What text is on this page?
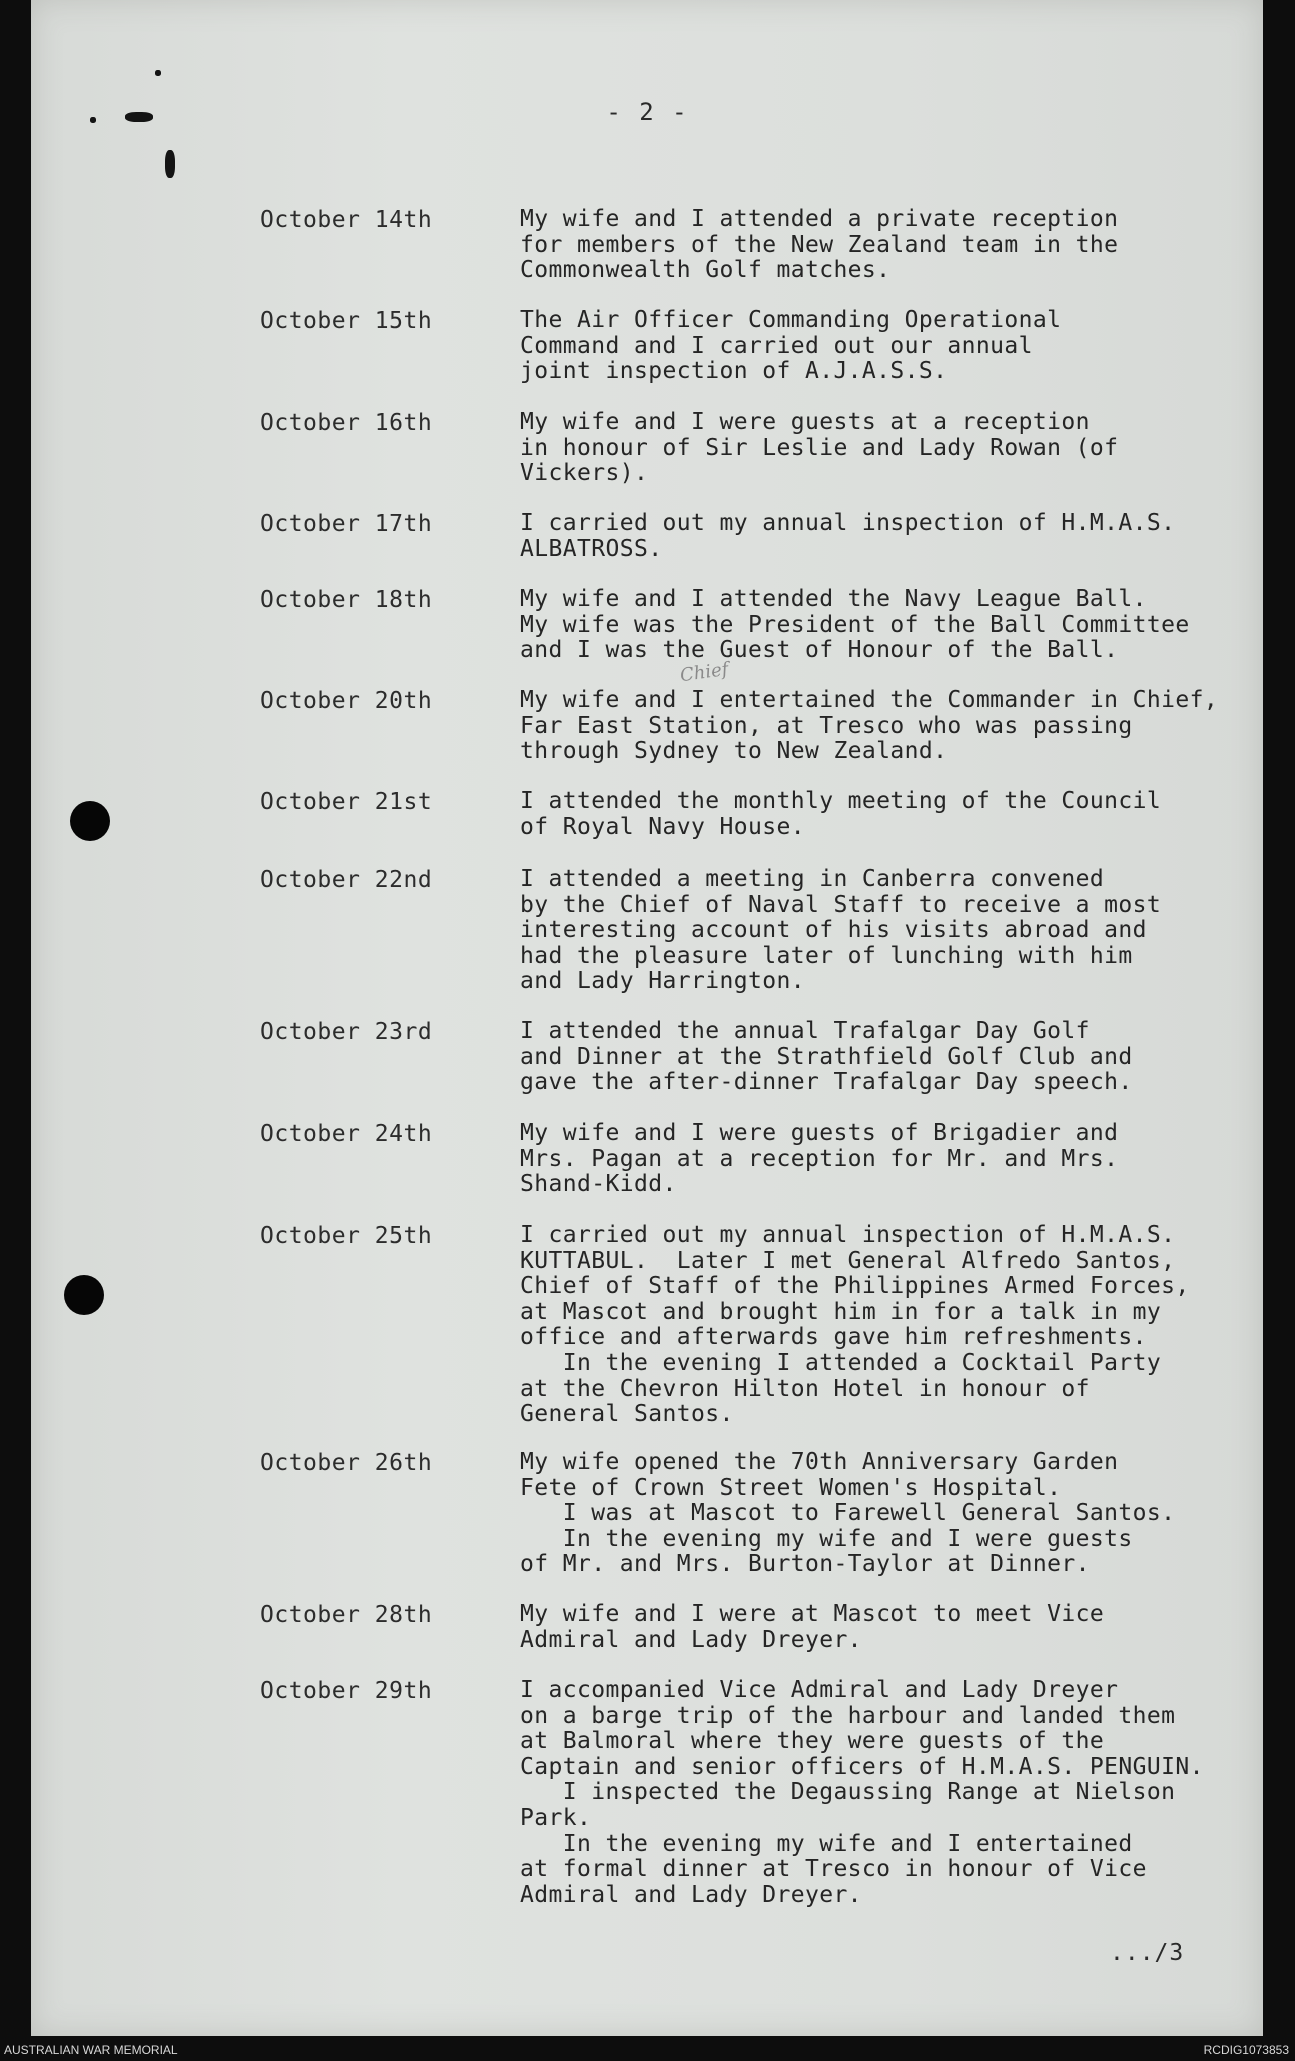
- 2 -
Chief
October 14th	My wife and I attended a private reception
for members of the New Zealand team in the
Commonwealth Golf matches.
October 15th	The Air Officer Commanding Operational
Command and I carried out our annual
joint inspection of A.J.A.S.S.
October 16th	My wife and I were guests at a reception
in honour of Sir Leslie and Lady Rowan (of
Vickers).
October 17th	I carried out my annual inspection of H.M.A.S.
ALBATROSS.
October 18th	My wife and I attended the Navy League Ball.
My wife was the President of the Ball Committee
and I was the Guest of Honour of the Ball.
October 20th	My wife and I entertained the Commander in Chief,
Far East Station, at Tresco who was passing
through Sydney to New Zealand.
October 21st	I attended the monthly meeting of the Council
of Royal Navy House.
October 22nd	I attended a meeting in Canberra convened
by the Chief of Naval Staff to receive a most
interesting account of his visits abroad and
had the pleasure later of lunching with him
and Lady Harrington.
October 23rd	I attended the annual Trafalgar Day Golf
and Dinner at the Strathfield Golf Club and
gave the after-dinner Trafalgar Day speech.
October 24th	My wife and I were guests of Brigadier and
Mrs. Pagan at a reception for Mr. and Mrs.
Shand-Kidd.
October 25th	I carried out my annual inspection of H.M.A.S.
KUTTABUL.  Later I met General Alfredo Santos,
Chief of Staff of the Philippines Armed Forces,
at Mascot and brought him in for a talk in my
office and afterwards gave him refreshments.
In the evening I attended a Cocktail Party
at the Chevron Hilton Hotel in honour of
General Santos.
October 26th	My wife opened the 70th Anniversary Garden
Fete of Crown Street Women's Hospital.
I was at Mascot to Farewell General Santos.
In the evening my wife and I were guests
of Mr. and Mrs. Burton-Taylor at Dinner.
October 28th	My wife and I were at Mascot to meet Vice
Admiral and Lady Dreyer.
October 29th	I accompanied Vice Admiral and Lady Dreyer
on a barge trip of the harbour and landed them
at Balmoral where they were guests of the
Captain and senior officers of H.M.A.S. PENGUIN.
I inspected the Degaussing Range at Nielson
Park.
In the evening my wife and I entertained
at formal dinner at Tresco in honour of Vice
Admiral and Lady Dreyer.
.../3
AUSTRALIAN WAR MEMORIAL	RCDIG1073853
